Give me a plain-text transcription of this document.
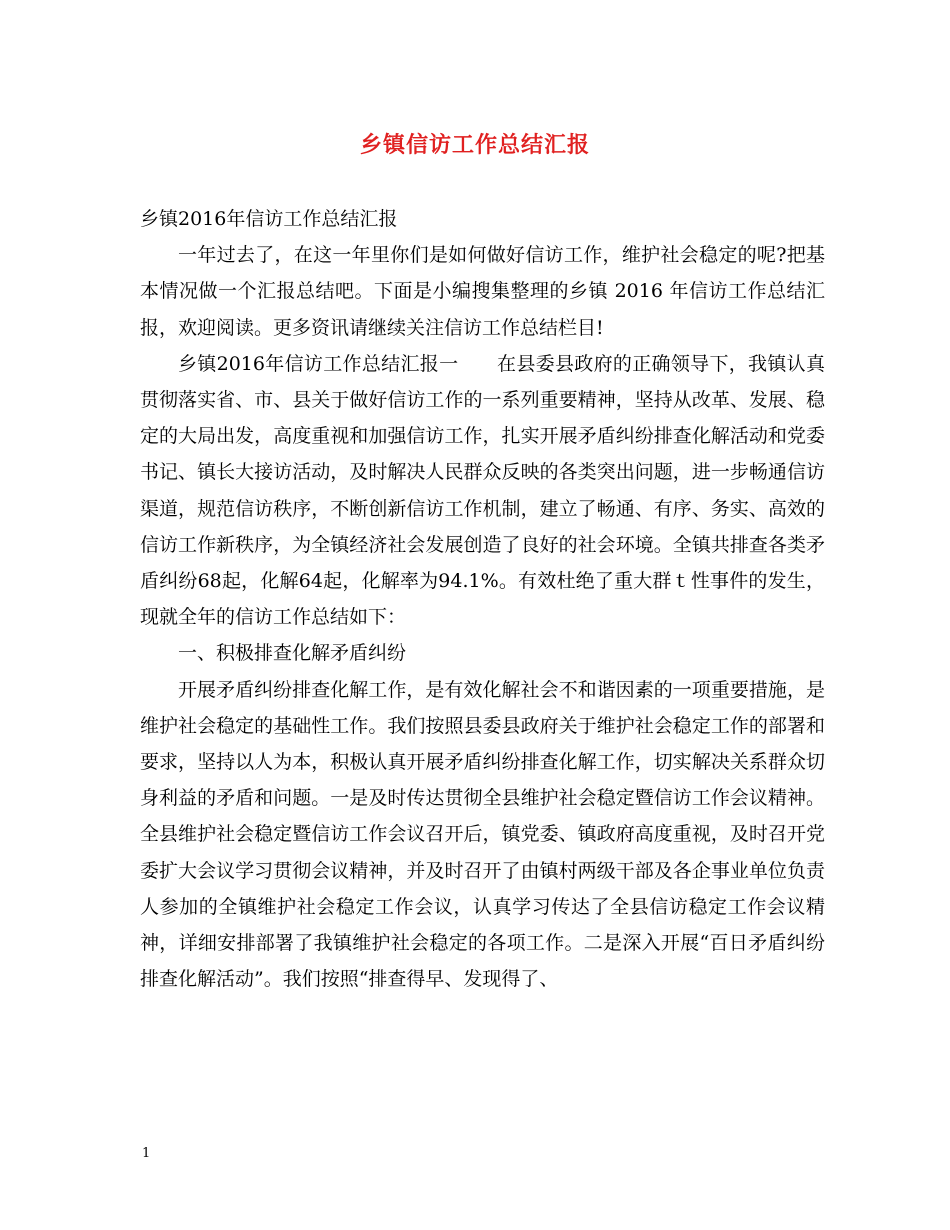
乡镇信访工作总结汇报

乡镇2016年信访工作总结汇报

一年过去了，在这一年里你们是如何做好信访工作，维护社会稳定的呢?把基本情况做一个汇报总结吧。下面是小编搜集整理的乡镇 2016 年信访工作总结汇报，欢迎阅读。更多资讯请继续关注信访工作总结栏目!

乡镇2016年信访工作总结汇报一　　在县委县政府的正确领导下，我镇认真贯彻落实省、市、县关于做好信访工作的一系列重要精神，坚持从改革、发展、稳定的大局出发，高度重视和加强信访工作，扎实开展矛盾纠纷排查化解活动和党委书记、镇长大接访活动，及时解决人民群众反映的各类突出问题，进一步畅通信访渠道，规范信访秩序，不断创新信访工作机制，建立了畅通、有序、务实、高效的信访工作新秩序，为全镇经济社会发展创造了良好的社会环境。全镇共排查各类矛盾纠纷68起，化解64起，化解率为94.1%。有效杜绝了重大群ｔ性事件的发生，现就全年的信访工作总结如下：

一、积极排查化解矛盾纠纷

开展矛盾纠纷排查化解工作，是有效化解社会不和谐因素的一项重要措施，是维护社会稳定的基础性工作。我们按照县委县政府关于维护社会稳定工作的部署和要求，坚持以人为本，积极认真开展矛盾纠纷排查化解工作，切实解决关系群众切身利益的矛盾和问题。一是及时传达贯彻全县维护社会稳定暨信访工作会议精神。全县维护社会稳定暨信访工作会议召开后，镇党委、镇政府高度重视，及时召开党委扩大会议学习贯彻会议精神，并及时召开了由镇村两级干部及各企事业单位负责人参加的全镇维护社会稳定工作会议，认真学习传达了全县信访稳定工作会议精神，详细安排部署了我镇维护社会稳定的各项工作。二是深入开展“百日矛盾纠纷排查化解活动”。我们按照“排查得早、发现得了、

1
